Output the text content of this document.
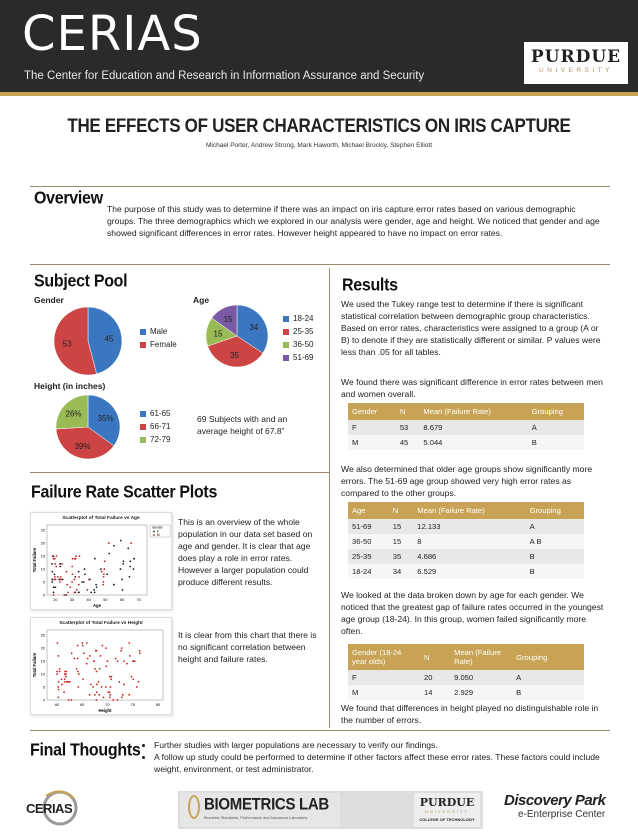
CERIAS
The Center for Education and Research in Information Assurance and Security
PURDUE
UNIVERSITY
THE EFFECTS OF USER CHARACTERISTICS ON IRIS CAPTURE
Michael Porter, Andrew Strong, Mark Haworth, Michael Brockly, Stephen Elliott
Overview
The purpose of this study was to determine if there was an impact on iris capture error rates based on various demographic groups. The three demographics which we explored in our analysis were gender, age and height. We noticed that gender and age showed significant differences in error rates. However height appeared to have no impact on error rates.
Subject Pool
Gender	Age
Height (in inches)
45
53
Male
Female
34
35
15
15	18-24
25-35
36-50
51-69
35%
39%
26%	61-65
66-71
72-79
69 Subjects with and an average height of 67.8”
Failure Rate Scatter Plots
Scatterplot of Total Failure vs Age
20	30	40	50	60	70
0
5
10
15
20
25
Age
Total Failure
Gender
F
M
This is an overview of the whole population in our data set based on age and gender. It is clear that age does play a role in error rates. However a larger population could produce different results.
Scatterplot of Total Failure vs Height
60	65	70	75	80
0
5
10
15
20
25
Height
Total Failure
It is clear from this chart that there is no significant correlation between height and failure rates.
Results
We used the Tukey range test to determine if there is significant statistical correlation between demographic group characteristics. Based on error rates, characteristics were assigned to a group (A or B) to denote if they are statistically different or similar. P values were less than .05 for all tables.
We found there was significant difference in error rates between men and women overall.
Gender	N	Mean (Failure Rate)	Grouping
F	53	8.679	A
M	45	5.044	B
We also determined that older age groups show significantly more errors. The 51-69 age group showed very high error rates as compared to the other groups.
Age	N	Mean (Failure Rate)	Grouping
51-69	15	12.133	A
36-50	15	8	A B
25-35	35	4.686	B
18-24	34	6.529	B
We looked at the data broken down by age for each gender. We noticed that the greatest gap of failure rates occurred in the youngest age group (18-24). In this group, women failed significantly more often.
Gender (18-24 year olds)	N	Mean (Failure Rate)	Grouping
F	20	9.050	A
M	14	2.929	B
We found that differences in height played no distinguishable role in the number of errors.
Final Thoughts • Further studies with larger populations are necessary to verify our findings.
• A follow up study could be performed to determine if other factors affect these error rates. These factors could include weight, environment, or test administrator.
CERIAS	BIOMETRICS LAB
Biometric Standards, Performance and Assurance Laboratory
PURDUE
UNIVERSITY
COLLEGE OF TECHNOLOGY
Discovery Park
e-Enterprise Center
